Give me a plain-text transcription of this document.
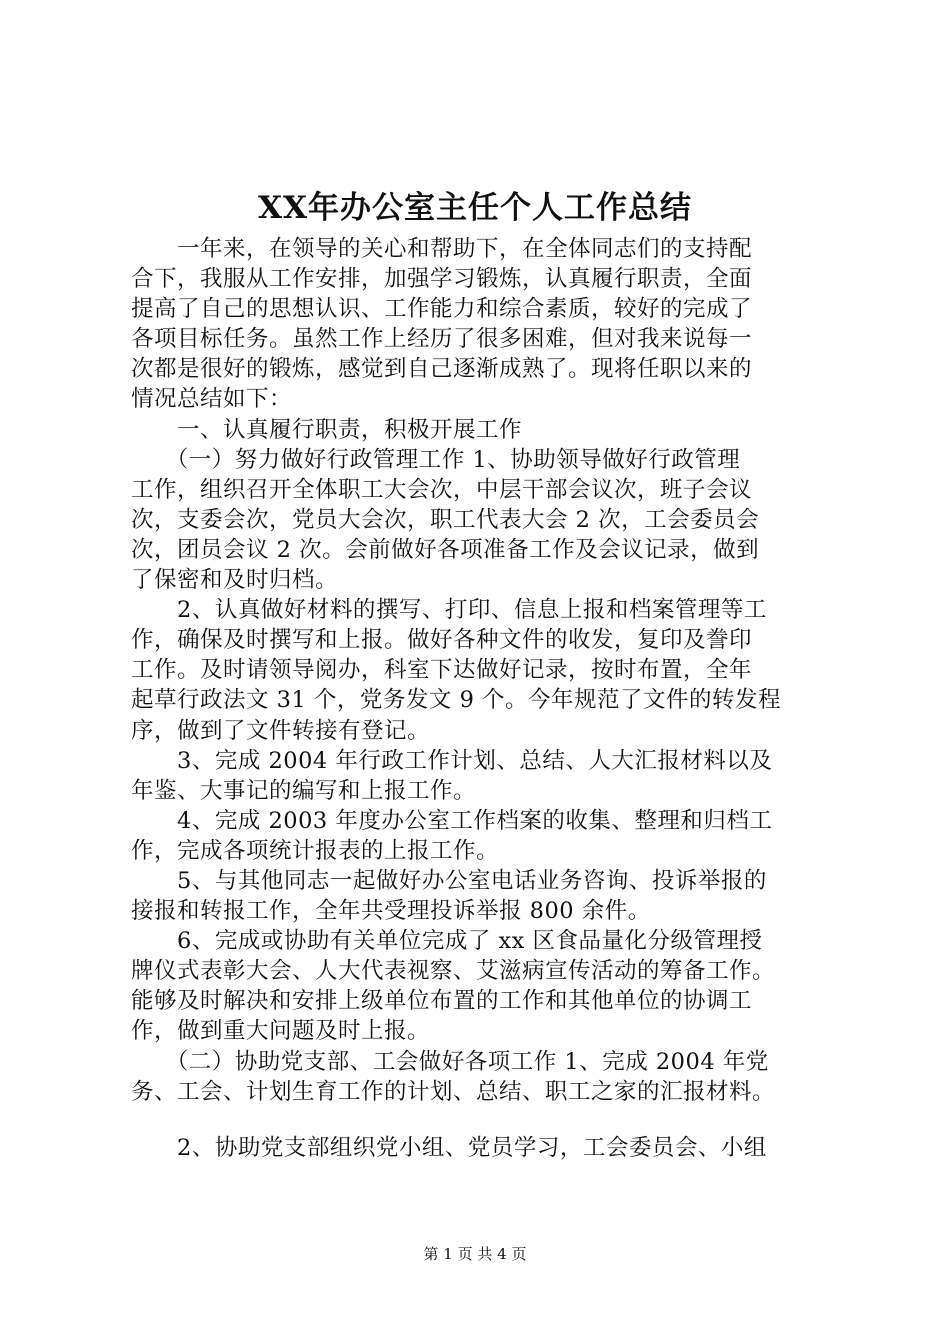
XX年办公室主任个人工作总结
　　一年来，在领导的关心和帮助下，在全体同志们的支持配
合下，我服从工作安排，加强学习锻炼，认真履行职责，全面
提高了自己的思想认识、工作能力和综合素质，较好的完成了
各项目标任务。虽然工作上经历了很多困难，但对我来说每一
次都是很好的锻炼，感觉到自己逐渐成熟了。现将任职以来的
情况总结如下：
　　一、认真履行职责，积极开展工作
　　（一）努力做好行政管理工作 1、协助领导做好行政管理
工作，组织召开全体职工大会次，中层干部会议次，班子会议
次，支委会次，党员大会次，职工代表大会 2 次，工会委员会
次，团员会议 2 次。会前做好各项准备工作及会议记录，做到
了保密和及时归档。
　　2、认真做好材料的撰写、打印、信息上报和档案管理等工
作，确保及时撰写和上报。做好各种文件的收发，复印及誊印
工作。及时请领导阅办，科室下达做好记录，按时布置，全年
起草行政法文 31 个，党务发文 9 个。今年规范了文件的转发程
序，做到了文件转接有登记。
　　3、完成 2004 年行政工作计划、总结、人大汇报材料以及
年鉴、大事记的编写和上报工作。
　　4、完成 2003 年度办公室工作档案的收集、整理和归档工
作，完成各项统计报表的上报工作。
　　5、与其他同志一起做好办公室电话业务咨询、投诉举报的
接报和转报工作，全年共受理投诉举报 800 余件。
　　6、完成或协助有关单位完成了 xx 区食品量化分级管理授
牌仪式表彰大会、人大代表视察、艾滋病宣传活动的筹备工作。
能够及时解决和安排上级单位布置的工作和其他单位的协调工
作，做到重大问题及时上报。
　　（二）协助党支部、工会做好各项工作 1、完成 2004 年党
务、工会、计划生育工作的计划、总结、职工之家的汇报材料。
　　2、协助党支部组织党小组、党员学习，工会委员会、小组
第 1 页 共 4 页
